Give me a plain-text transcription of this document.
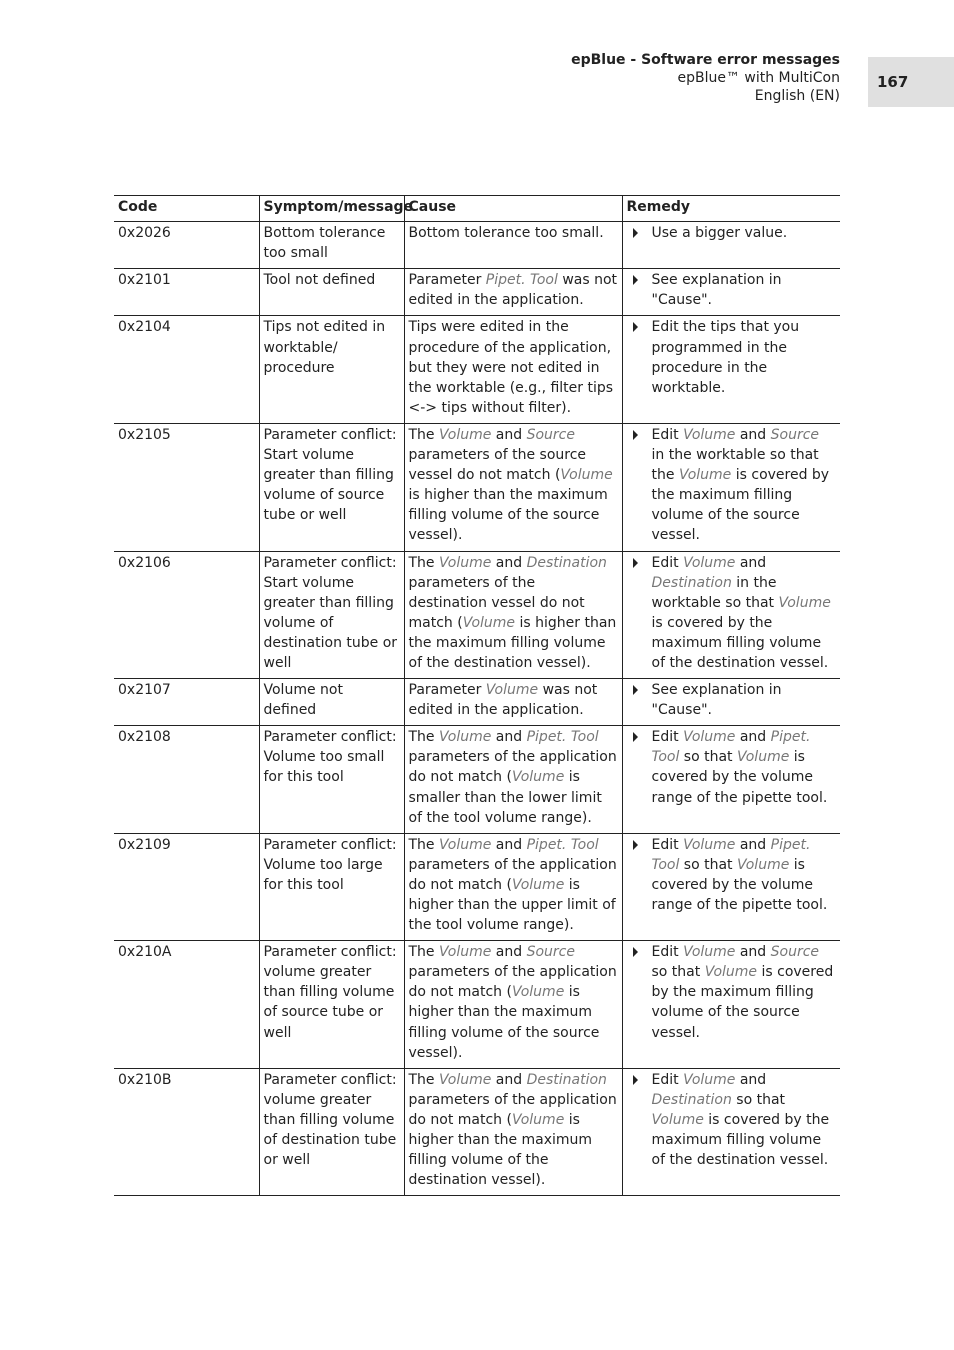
epBlue - Software error messages
epBlue™ with MultiCon
English (EN)
167
Code	Symptom/message	Cause	Remedy
0x2026	Bottom tolerance too small	Bottom tolerance too small.	Use a bigger value.

0x2101	Tool not defined	Parameter Pipet. Tool was not edited in the application.	See explanation in "Cause".

0x2104	Tips not edited in worktable/ procedure	Tips were edited in the procedure of the application, but they were not edited in the worktable (e.g., filter tips <-> tips without filter).	Edit the tips that you programmed in the procedure in the worktable.

0x2105	Parameter conflict: Start volume greater than filling volume of source tube or well	The Volume and Source parameters of the source vessel do not match (Volume is higher than the maximum filling volume of the source vessel).	Edit Volume and Source in the worktable so that the Volume is covered by the maximum filling volume of the source vessel.

0x2106	Parameter conflict: Start volume greater than filling volume of destination tube or well	The Volume and Destination parameters of the destination vessel do not match (Volume is higher than the maximum filling volume of the destination vessel).	Edit Volume and Destination in the worktable so that Volume is covered by the maximum filling volume of the destination vessel.

0x2107	Volume not defined	Parameter Volume was not edited in the application.	See explanation in "Cause".

0x2108	Parameter conflict: Volume too small for this tool	The Volume and Pipet. Tool parameters of the application do not match (Volume is smaller than the lower limit of the tool volume range).	Edit Volume and Pipet. Tool so that Volume is covered by the volume range of the pipette tool.

0x2109	Parameter conflict: Volume too large for this tool	The Volume and Pipet. Tool parameters of the application do not match (Volume is higher than the upper limit of the tool volume range).	Edit Volume and Pipet. Tool so that Volume is covered by the volume range of the pipette tool.

0x210A	Parameter conflict: volume greater than filling volume of source tube or well	The Volume and Source parameters of the application do not match (Volume is higher than the maximum filling volume of the source vessel).	Edit Volume and Source so that Volume is covered by the maximum filling volume of the source vessel.

0x210B	Parameter conflict: volume greater than filling volume of destination tube or well	The Volume and Destination parameters of the application do not match (Volume is higher than the maximum filling volume of the destination vessel).	Edit Volume and Destination so that Volume is covered by the maximum filling volume of the destination vessel.
